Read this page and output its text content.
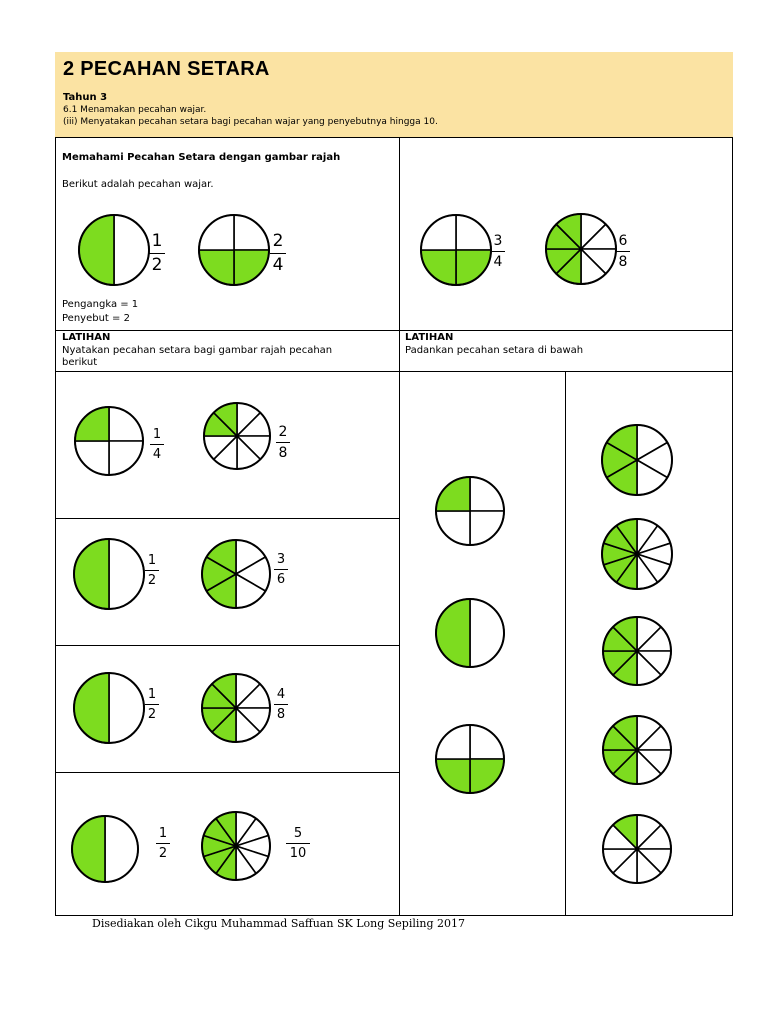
2 PECAHAN SETARA
Tahun 3
6.1 Menamakan pecahan wajar.
(iii) Menyatakan pecahan setara bagi pecahan wajar yang penyebutnya hingga 10.
Memahami Pecahan Setara dengan gambar rajah
Berikut adalah pecahan wajar.
Pengangka = 1
Penyebut = 2
LATIHAN
Nyatakan pecahan setara bagi gambar rajah pecahan
berikut
LATIHAN
Padankan pecahan setara di bawah
1
2
2
4
3
4
6
8
1
4
2
8
1
2
3
6
1
2
4
8
1
2
5
10
Disediakan oleh Cikgu Muhammad Saffuan SK Long Sepiling 2017
